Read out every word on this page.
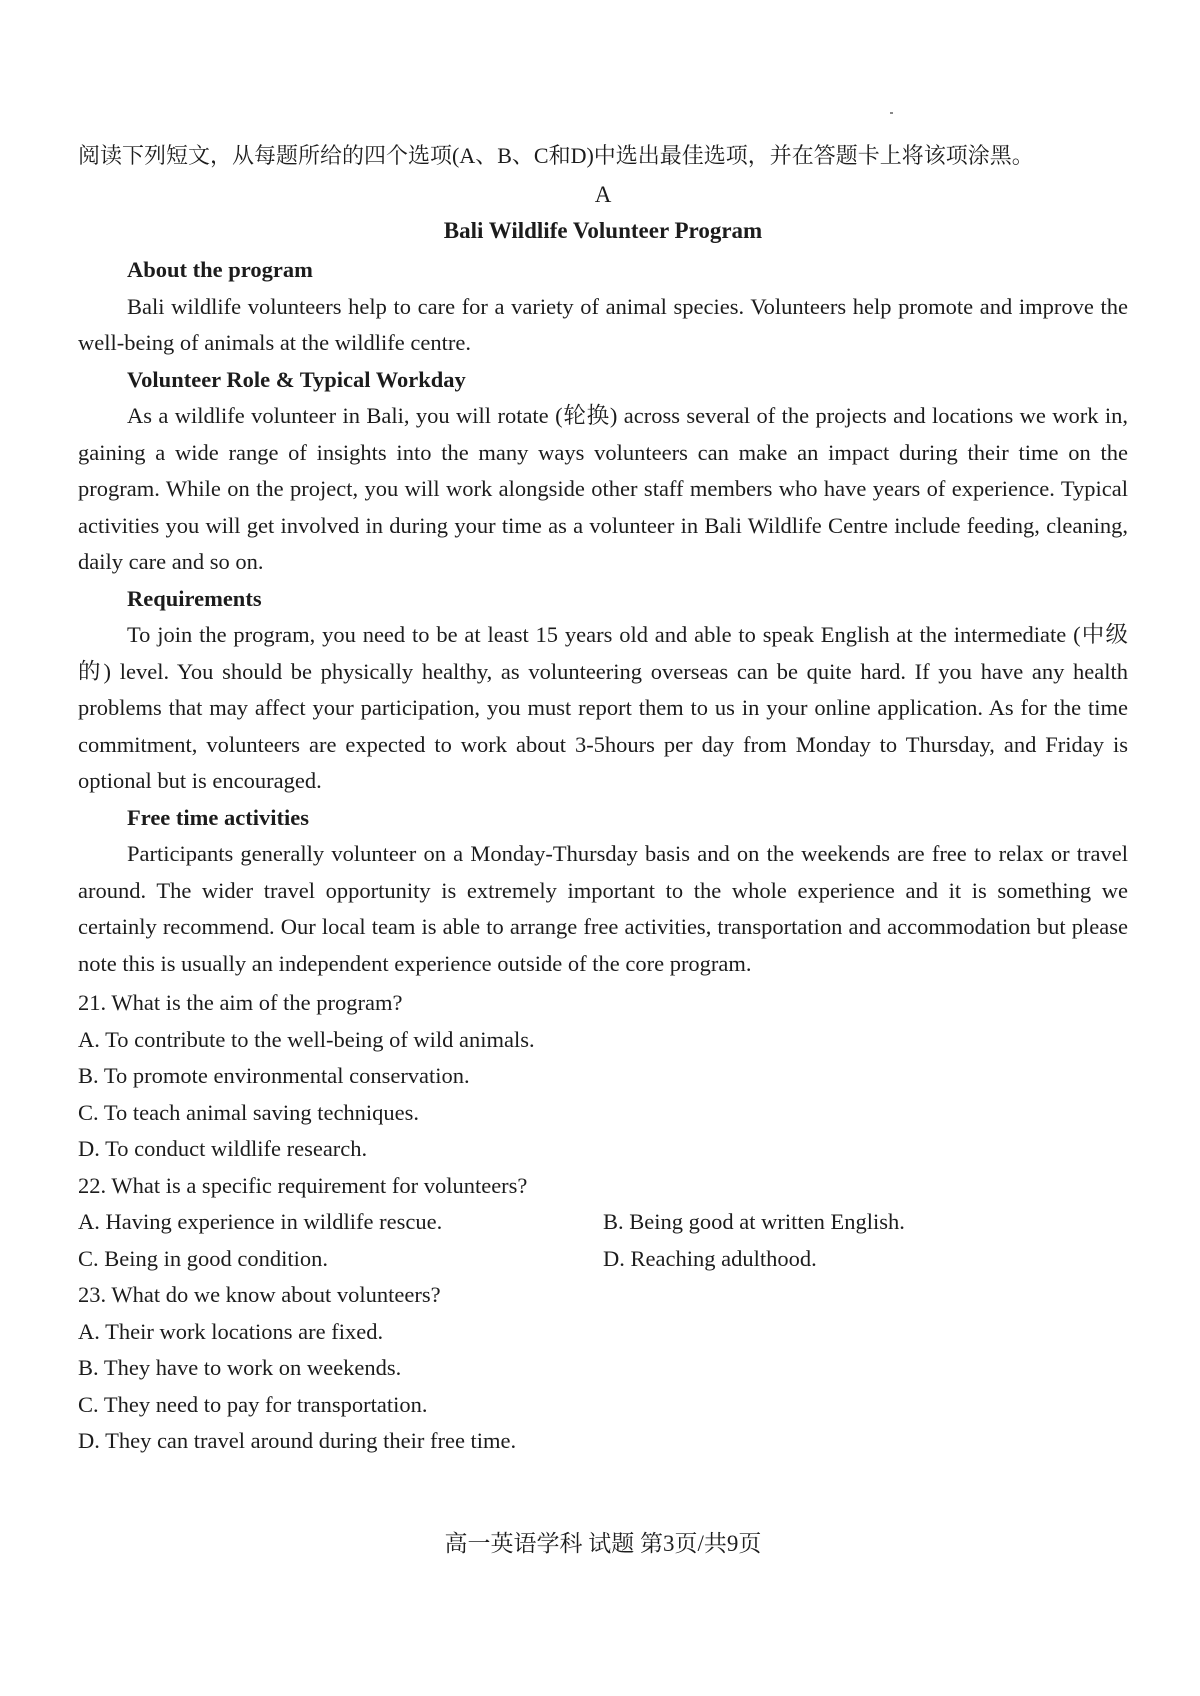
阅读下列短文，从每题所给的四个选项(A、B、C和D)中选出最佳选项，并在答题卡上将该项涂黑。
A
Bali Wildlife Volunteer Program
About the program

Bali wildlife volunteers help to care for a variety of animal species. Volunteers help promote and improve the well-being of animals at the wildlife centre.

Volunteer Role & Typical Workday

As a wildlife volunteer in Bali, you will rotate (轮换) across several of the projects and locations we work in, gaining a wide range of insights into the many ways volunteers can make an impact during their time on the program. While on the project, you will work alongside other staff members who have years of experience. Typical activities you will get involved in during your time as a volunteer in Bali Wildlife Centre include feeding, cleaning, daily care and so on.

Requirements

To join the program, you need to be at least 15 years old and able to speak English at the intermediate (中级的) level. You should be physically healthy, as volunteering overseas can be quite hard. If you have any health problems that may affect your participation, you must report them to us in your online application. As for the time commitment, volunteers are expected to work about 3-5hours per day from Monday to Thursday, and Friday is optional but is encouraged.

Free time activities

Participants generally volunteer on a Monday-Thursday basis and on the weekends are free to relax or travel around. The wider travel opportunity is extremely important to the whole experience and it is something we certainly recommend. Our local team is able to arrange free activities, transportation and accommodation but please note this is usually an independent experience outside of the core program.

21. What is the aim of the program?
A. To contribute to the well-being of wild animals.
B. To promote environmental conservation.
C. To teach animal saving techniques.
D. To conduct wildlife research.
22. What is a specific requirement for volunteers?
A. Having experience in wildlife rescue.	B. Being good at written English.
C. Being in good condition.	D. Reaching adulthood.
23. What do we know about volunteers?
A. Their work locations are fixed.
B. They have to work on weekends.
C. They need to pay for transportation.
D. They can travel around during their free time.
高一英语学科 试题 第3页/共9页
